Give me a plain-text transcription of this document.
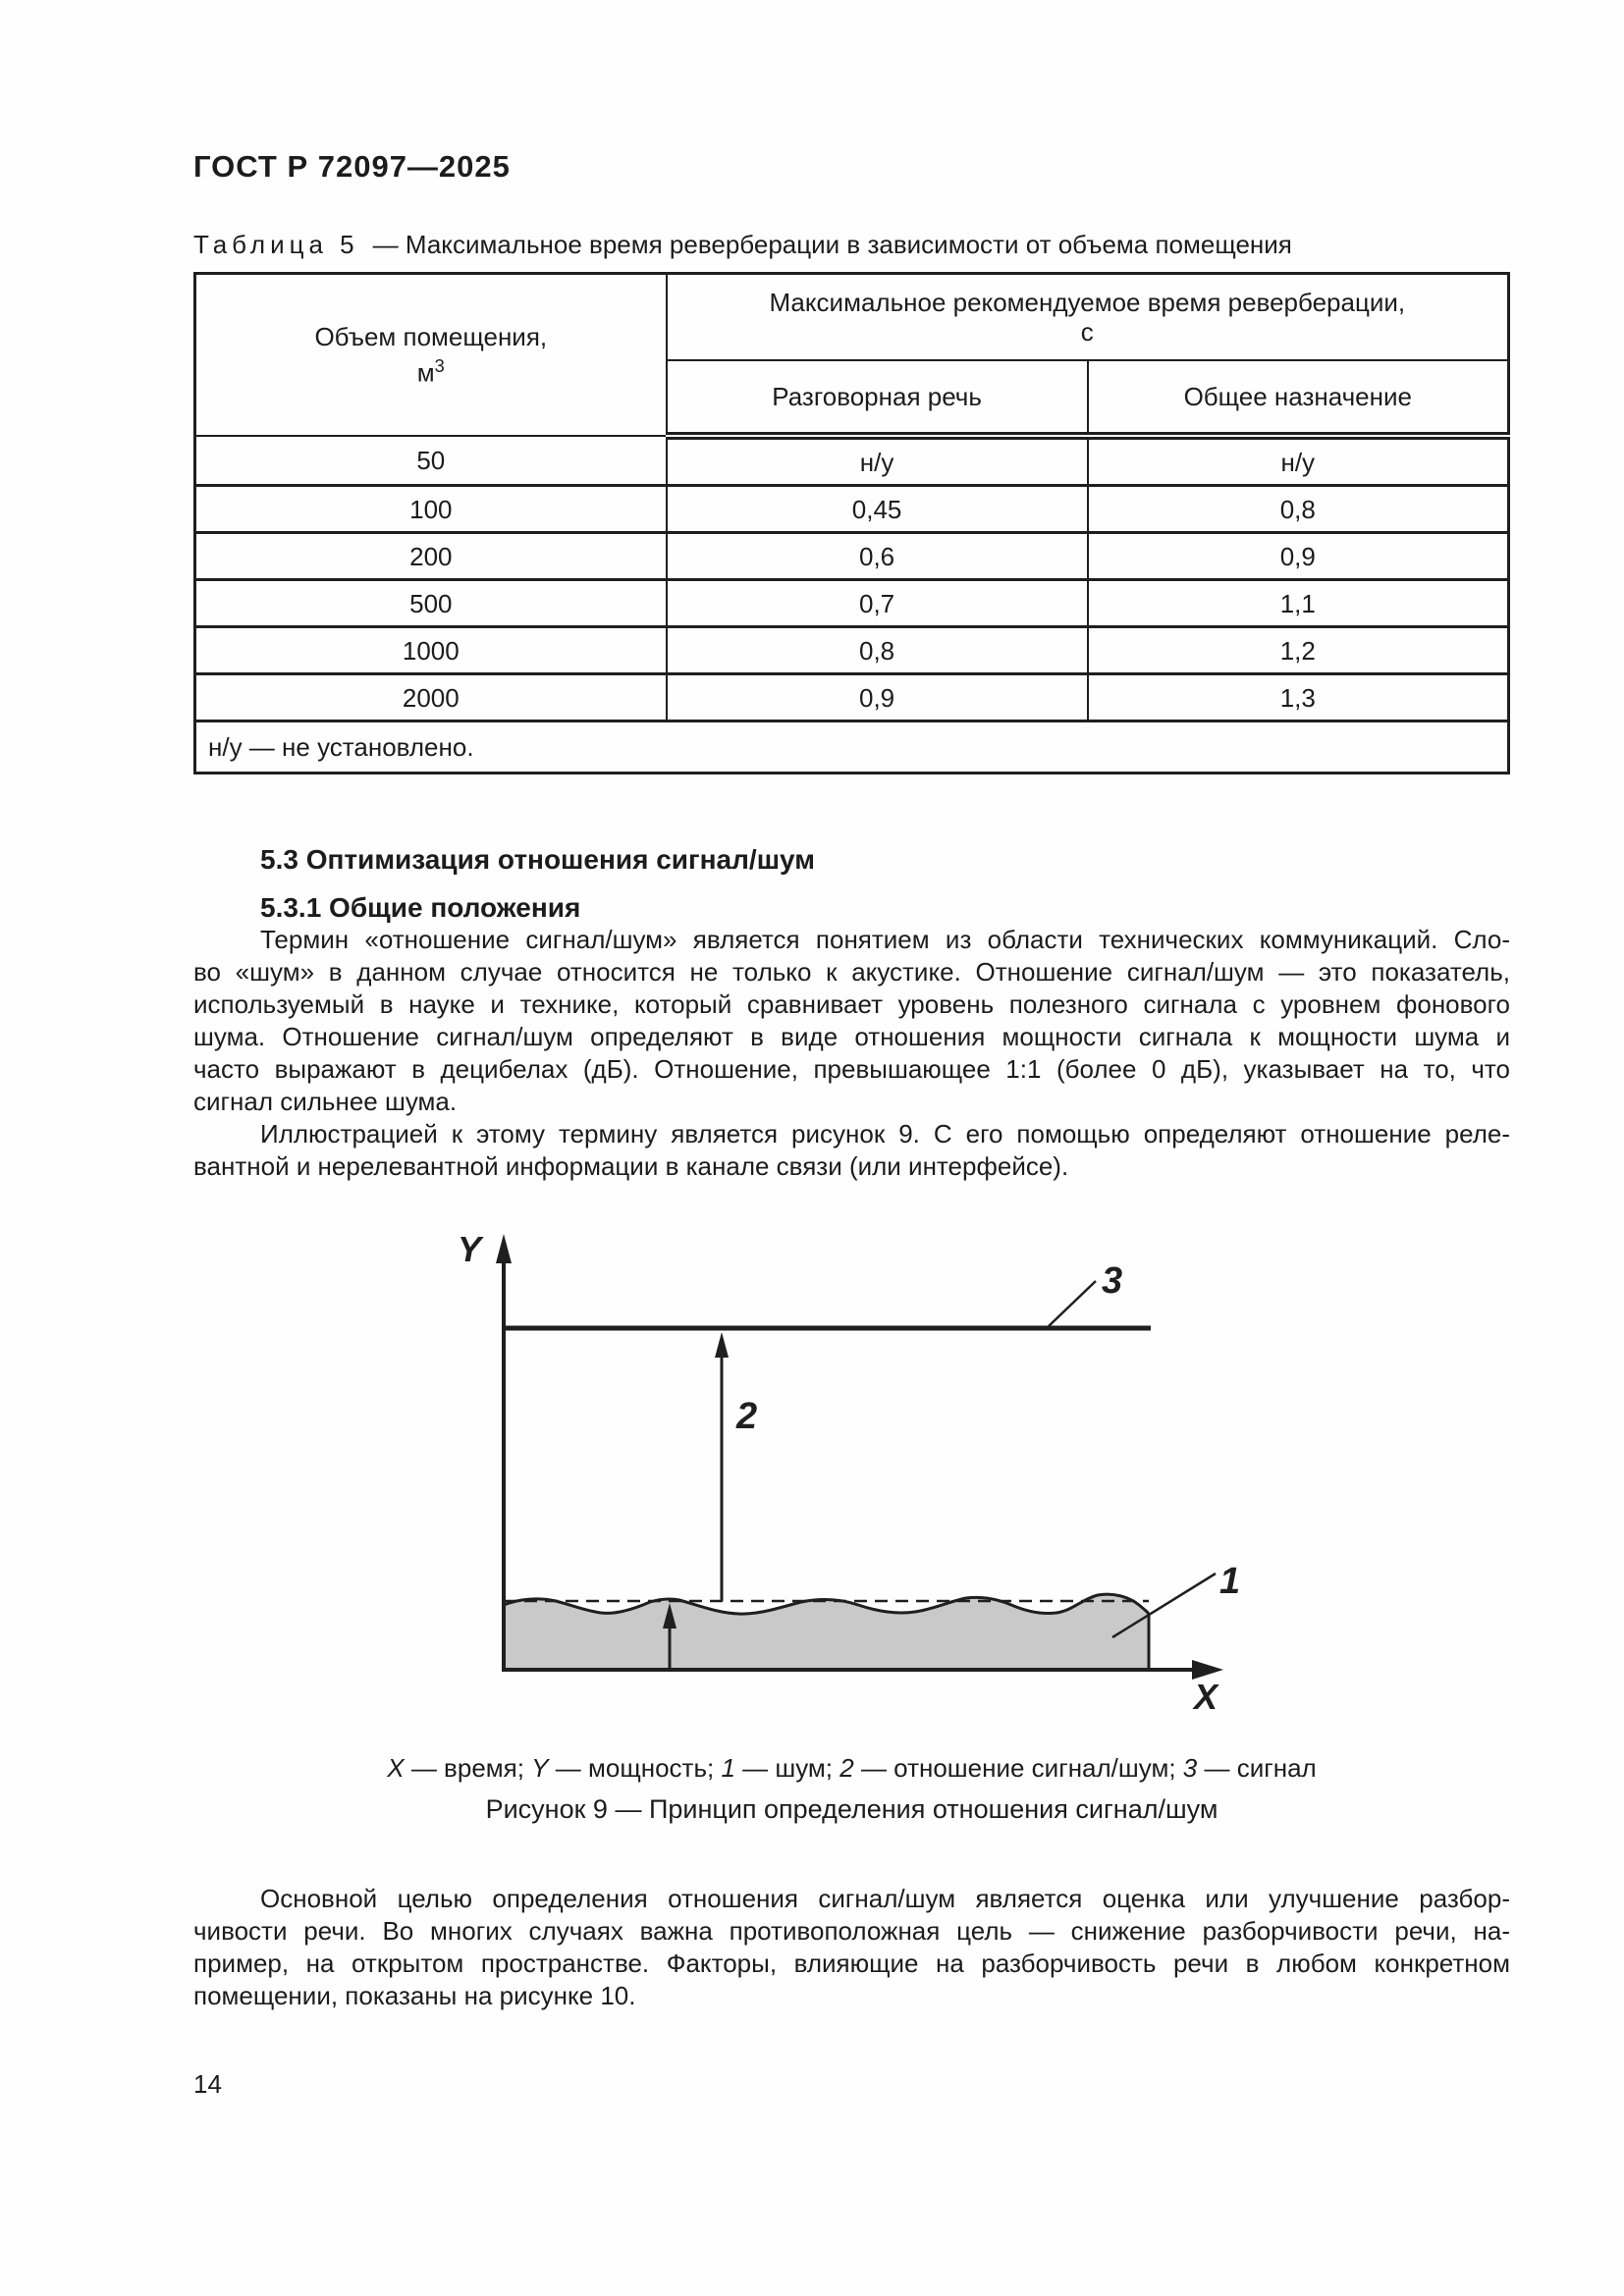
ГОСТ Р 72097—2025
Таблица 5 — Максимальное время реверберации в зависимости от объема помещения
Объем помещения,
$м^3$	Максимальное рекомендуемое время реверберации,
с	
	Разговорная речь	Общее назначение
50	н/у	н/у
100	0,45	0,8
200	0,6	0,9
500	0,7	1,1
1000	0,8	1,2
2000	0,9	1,3
н/у — не установлено.		
5.3 Оптимизация отношения сигнал/шум
5.3.1 Общие положения
Термин «отношение сигнал/шум» является понятием из области технических коммуникаций. Сло-
во «шум» в данном случае относится не только к акустике. Отношение сигнал/шум — это показатель,
используемый в науке и технике, который сравнивает уровень полезного сигнала с уровнем фонового
шума. Отношение сигнал/шум определяют в виде отношения мощности сигнала к мощности шума и
часто выражают в децибелах (дБ). Отношение, превышающее 1:1 (более 0 дБ), указывает на то, что
сигнал сильнее шума.
Иллюстрацией к этому термину является рисунок 9. С его помощью определяют отношение реле-
вантной и нерелевантной информации в канале связи (или интерфейсе).
3
1
2
Y
X
X — время; Y — мощность; 1 — шум; 2 — отношение сигнал/шум; 3 — сигнал
Рисунок 9 — Принцип определения отношения сигнал/шум
Основной целью определения отношения сигнал/шум является оценка или улучшение разбор-
чивости речи. Во многих случаях важна противоположная цель — снижение разборчивости речи, на-
пример, на открытом пространстве. Факторы, влияющие на разборчивость речи в любом конкретном
помещении, показаны на рисунке 10.
14
